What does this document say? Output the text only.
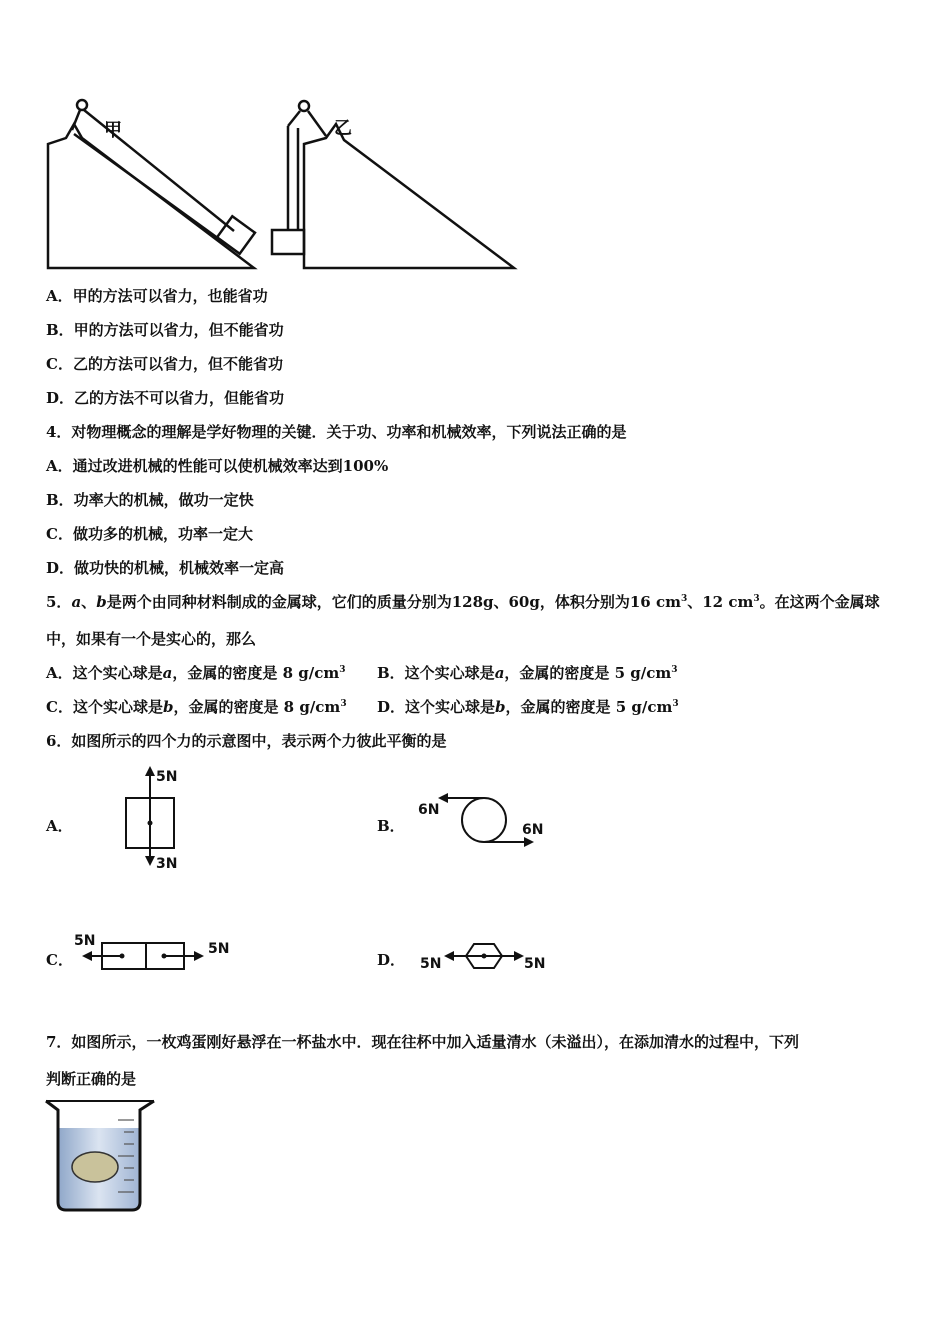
甲	乙
A．甲的方法可以省力，也能省功
B．甲的方法可以省力，但不能省功
C．乙的方法可以省力，但不能省功
D．乙的方法不可以省力，但能省功
4．对物理概念的理解是学好物理的关键．关于功、功率和机械效率，下列说法正确的是
A．通过改进机械的性能可以使机械效率达到100%
B．功率大的机械，做功一定快
C．做功多的机械，功率一定大
D．做功快的机械，机械效率一定高
5．a、b是两个由同种材料制成的金属球，它们的质量分别为128g、60g，体积分别为16 $cm^3$、12 $cm^3$。在这两个金属球
中，如果有一个是实心的，那么
A．这个实心球是a，金属的密度是 8 $g/cm^3$ B．这个实心球是a，金属的密度是 5 $g/cm^3$
C．这个实心球是b，金属的密度是 8 $g/cm^3$ D．这个实心球是b，金属的密度是 5 $g/cm^3$
6．如图所示的四个力的示意图中，表示两个力彼此平衡的是
A．
5N
3N
B．
6N
6N
C．
5N	5N
D． 5N	5N
7．如图所示，一枚鸡蛋刚好悬浮在一杯盐水中．现在往杯中加入适量清水（未溢出），在添加清水的过程中，下列
判断正确的是
